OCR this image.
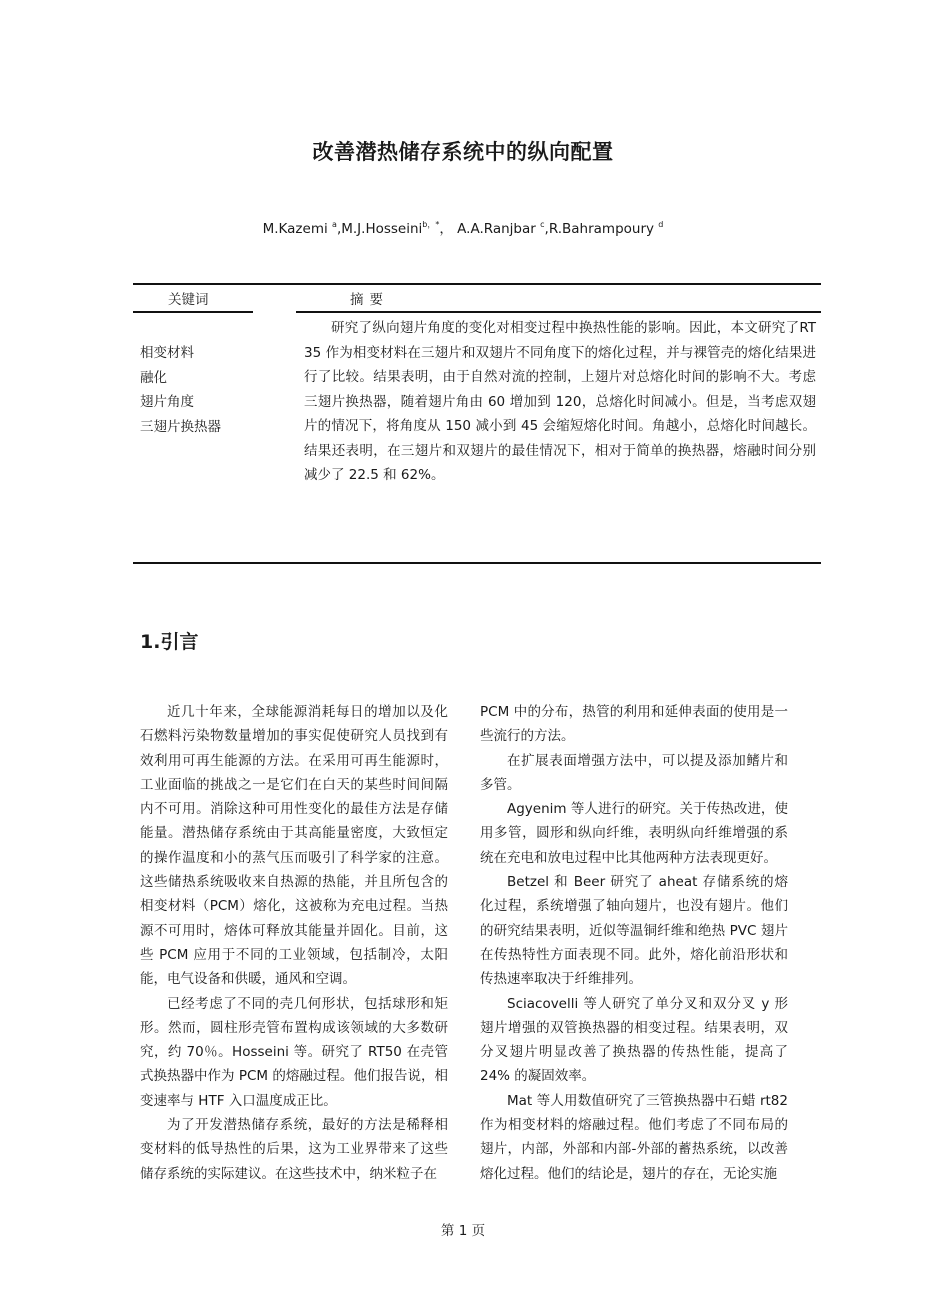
改善潜热储存系统中的纵向配置
M.Kazemi $^a$,M.J.Hosseini$^{b,*}$， A.A.Ranjbar $^c$,R.Bahrampoury $^d$
关键词	摘要
相变材料
融化
翅片角度
三翅片换热器
研究了纵向翅片角度的变化对相变过程中换热性能的影响。因此，本文研究了RT 35 作为相变材料在三翅片和双翅片不同角度下的熔化过程，并与裸管壳的熔化结果进行了比较。结果表明，由于自然对流的控制，上翅片对总熔化时间的影响不大。考虑三翅片换热器，随着翅片角由 60 增加到 120，总熔化时间减小。但是，当考虑双翅片的情况下，将角度从 150 减小到 45 会缩短熔化时间。角越小，总熔化时间越长。结果还表明，在三翅片和双翅片的最佳情况下，相对于简单的换热器，熔融时间分别减少了 22.5 和 62%。
1.引言

近几十年来，全球能源消耗每日的增加以及化石燃料污染物数量增加的事实促使研究人员找到有效利用可再生能源的方法。在采用可再生能源时，工业面临的挑战之一是它们在白天的某些时间间隔内不可用。消除这种可用性变化的最佳方法是存储能量。潜热储存系统由于其高能量密度，大致恒定的操作温度和小的蒸气压而吸引了科学家的注意。这些储热系统吸收来自热源的热能，并且所包含的相变材料（PCM）熔化，这被称为充电过程。当热源不可用时，熔体可释放其能量并固化。目前，这些 PCM 应用于不同的工业领域，包括制冷，太阳能，电气设备和供暖，通风和空调。

已经考虑了不同的壳几何形状，包括球形和矩形。然而，圆柱形壳管布置构成该领域的大多数研究，约 70％。Hosseini 等。研究了 RT50 在壳管式换热器中作为 PCM 的熔融过程。他们报告说，相变速率与 HTF 入口温度成正比。

为了开发潜热储存系统，最好的方法是稀释相变材料的低导热性的后果，这为工业界带来了这些储存系统的实际建议。在这些技术中，纳米粒子在

PCM 中的分布，热管的利用和延伸表面的使用是一些流行的方法。

在扩展表面增强方法中，可以提及添加鳍片和多管。

Agyenim 等人进行的研究。关于传热改进，使用多管，圆形和纵向纤维，表明纵向纤维增强的系统在充电和放电过程中比其他两种方法表现更好。

Betzel 和 Beer 研究了 aheat 存储系统的熔化过程，系统增强了轴向翅片，也没有翅片。他们的研究结果表明，近似等温铜纤维和绝热 PVC 翅片在传热特性方面表现不同。此外，熔化前沿形状和传热速率取决于纤维排列。

Sciacovelli 等人研究了单分叉和双分叉 y 形翅片增强的双管换热器的相变过程。结果表明，双分叉翅片明显改善了换热器的传热性能，提高了 24% 的凝固效率。

Mat 等人用数值研究了三管换热器中石蜡 rt82 作为相变材料的熔融过程。他们考虑了不同布局的翅片，内部，外部和内部-外部的蓄热系统，以改善熔化过程。他们的结论是，翅片的存在，无论实施

第 1 页
